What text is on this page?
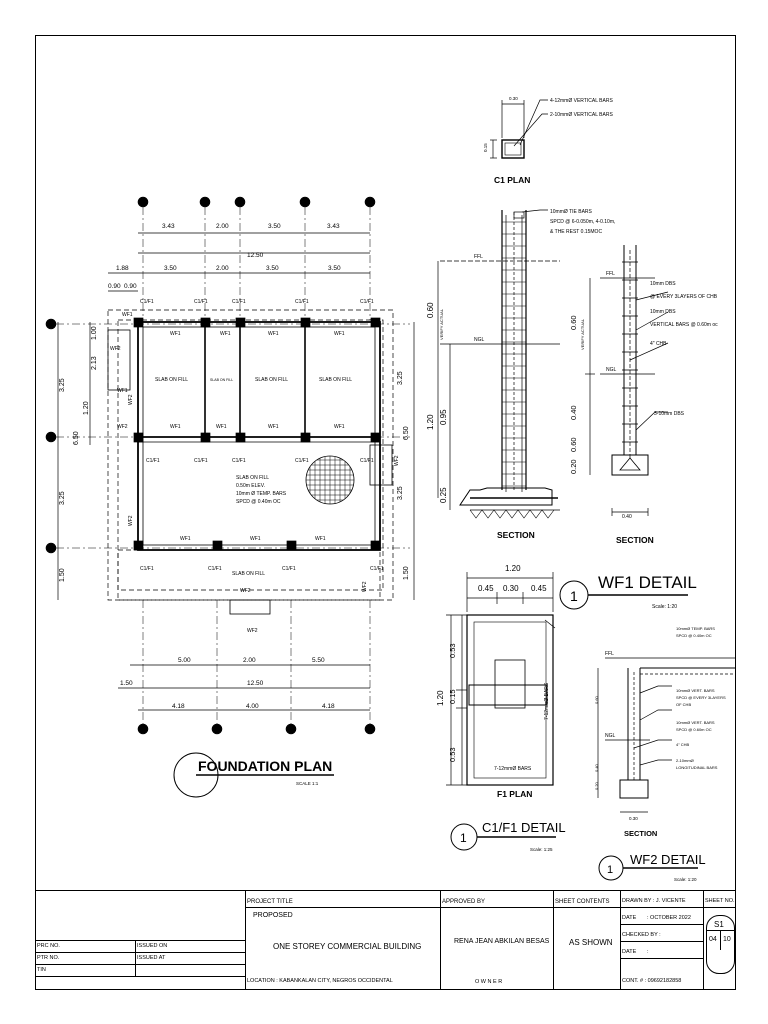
0.30
0.15
4-12mmØ VERTICAL BARS
2-10mmØ VERTICAL BARS
C1 PLAN
10mmØ TIE BARS
SPCD @ 6-0.050m, 4-0.10m,
& THE REST 0.15MOC
FFL
NGL
VERIFY ACTUAL
0.60
1.20 0.95
0.25
SECTION
FFL
NGL
VERIFY ACTUAL
0.60
0.40
0.60
0.20
0.40
10mm DBS
@ EVERY 3LAYERS OF CHB
10mm DBS
VERTICAL BARS @ 0.60m oc
4" CHB
3-10mm DBS
SECTION
1
WF1 DETAIL
Scale: 1:20
1.20
0.45 0.30 0.45
1.20
0.53
0.15
0.53
7-12mmØ BARS
7-12mmØ BARS
F1 PLAN
1
C1/F1 DETAIL
Scale: 1:25
FFL
NGL
10mmØ TEMP. BARS
SPCD @ 0.40m OC
10mmØ VERT. BARS
SPCD @ EVERY 3LAYERS
OF CHB
10mmØ VERT. BARS
SPCD @ 0.60m OC
4" CHB
2-10mmØ
LONGITUDINAL BARS
0.60
0.40
0.20
0.30
SECTION
1
WF2 DETAIL
Scale: 1:20
FOUNDATION PLAN
SCALE 1:1
SLAB ON FILL	SLAB ON FILL	SLAB ON FILL	SLAB ON FILL
SLAB ON FILL
0.50m ELEV.
10mm Ø TEMP. BARS
SPCD @ 0.40m OC
SLAB ON FILL
WF1	WF1	WF1	WF1
WF1	WF1	WF1	WF1
WF1	WF1	WF1
WF1
WF1
WF2
WF2
WF2
WF2
WF2
WF2
WF2
WF2
C1/F1	C1/F1	C1/F1	C1/F1	C1/F1
C1/F1	C1/F1	C1/F1	C1/F1	C1/F1
C1/F1	C1/F1	C1/F1	C1/F1
3.43	2.00	3.50	3.43
12.50
1.88	3.50	2.00	3.50	3.50
0.90 0.90
5.00	2.00	5.50
1.50	12.50
4.18	4.00	4.18
3.25
6.50
3.25
1.50
1.00
2.13
1.20
3.25
6.50
3.25
1.50
1	2	4	6	7
1	3	5	7
C
B
A
PROJECT TITLE
PROPOSED
ONE STOREY COMMERCIAL BUILDING
LOCATION : KABANKALAN CITY, NEGROS OCCIDENTAL
APPROVED BY
RENA JEAN ABKILAN BESAS
O W N E R
SHEET CONTENTS
AS SHOWN
DRAWN BY : J. VICENTE
DATE : OCTOBER 2022
CHECKED BY :
DATE :
CONT. # : 09692182858
SHEET NO.
S1
04 10
PRC NO.
PTR NO.
TIN
ISSUED ON
ISSUED AT
